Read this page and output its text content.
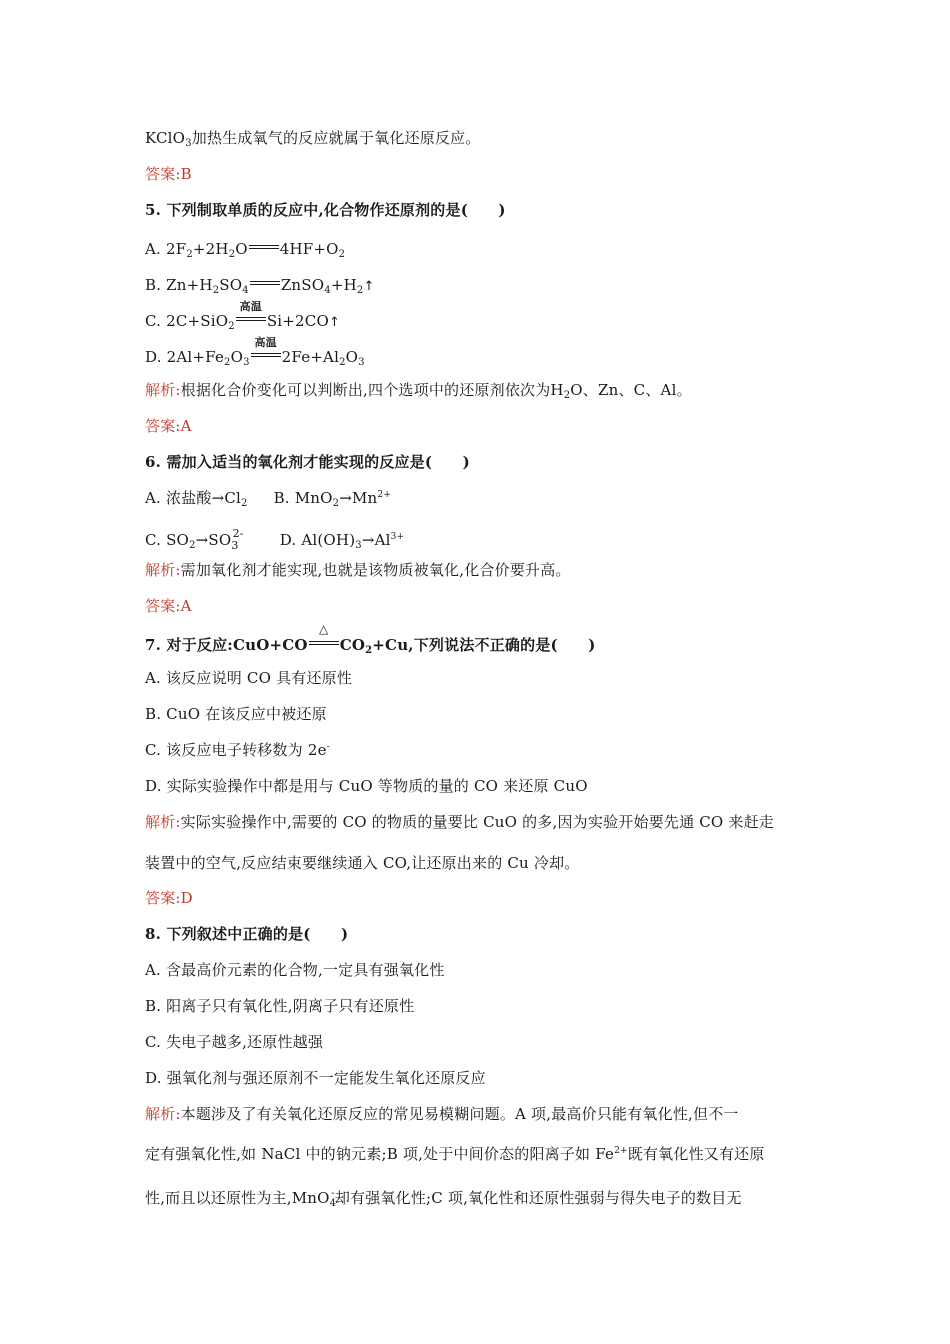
KClO$_3$加热生成氧气的反应就属于氧化还原反应。
答案:B
5. 下列制取单质的反应中,化合物作还原剂的是(　　)
A. $2F_2+2H_2O$ $4HF+O_2$
B. $Zn+H_2SO_4$ $ZnSO_4+H_2↑$
C. 2C+SiO$_2$
高温
Si+2CO↑
D. $2Al+Fe_2O_3$
高温
$2Fe+Al_2O_3$
解析:根据化合价变化可以判断出,四个选项中的还原剂依次为$H_2O$、Zn、C、Al。
答案:A
6. 需加入适当的氧化剂才能实现的反应是(　　)
A. 浓盐酸$\to Cl_2$ B. $MnO_2\to Mn^{2+}$
C. $SO_2\to SO_3^{2-}$ D. $Al(OH)_3\to Al^{3+}$
解析:需加氧化剂才能实现,也就是该物质被氧化,化合价要升高。
答案:A
7. 对于反应:CuO+CO
△
$CO_2+Cu$,下列说法不正确的是(　　)
A. 该反应说明 CO 具有还原性
B. CuO 在该反应中被还原
C. 该反应电子转移数为 2e-
D. 实际实验操作中都是用与 CuO 等物质的量的 CO 来还原 CuO
解析:实际实验操作中,需要的 CO 的物质的量要比 CuO 的多,因为实验开始要先通 CO 来赶走
装置中的空气,反应结束要继续通入 CO,让还原出来的 Cu 冷却。
答案:D
8. 下列叙述中正确的是(　　)
A. 含最高价元素的化合物,一定具有强氧化性
B. 阳离子只有氧化性,阴离子只有还原性
C. 失电子越多,还原性越强
D. 强氧化剂与强还原剂不一定能发生氧化还原反应
解析:本题涉及了有关氧化还原反应的常见易模糊问题。A 项,最高价只能有氧化性,但不一
定有强氧化性,如 NaCl 中的钠元素;B 项,处于中间价态的阳离子如 $Fe^{2+}$既有氧化性又有还原
性,而且以还原性为主,MnO$_4$-却有强氧化性;C 项,氧化性和还原性强弱与得失电子的数目无
